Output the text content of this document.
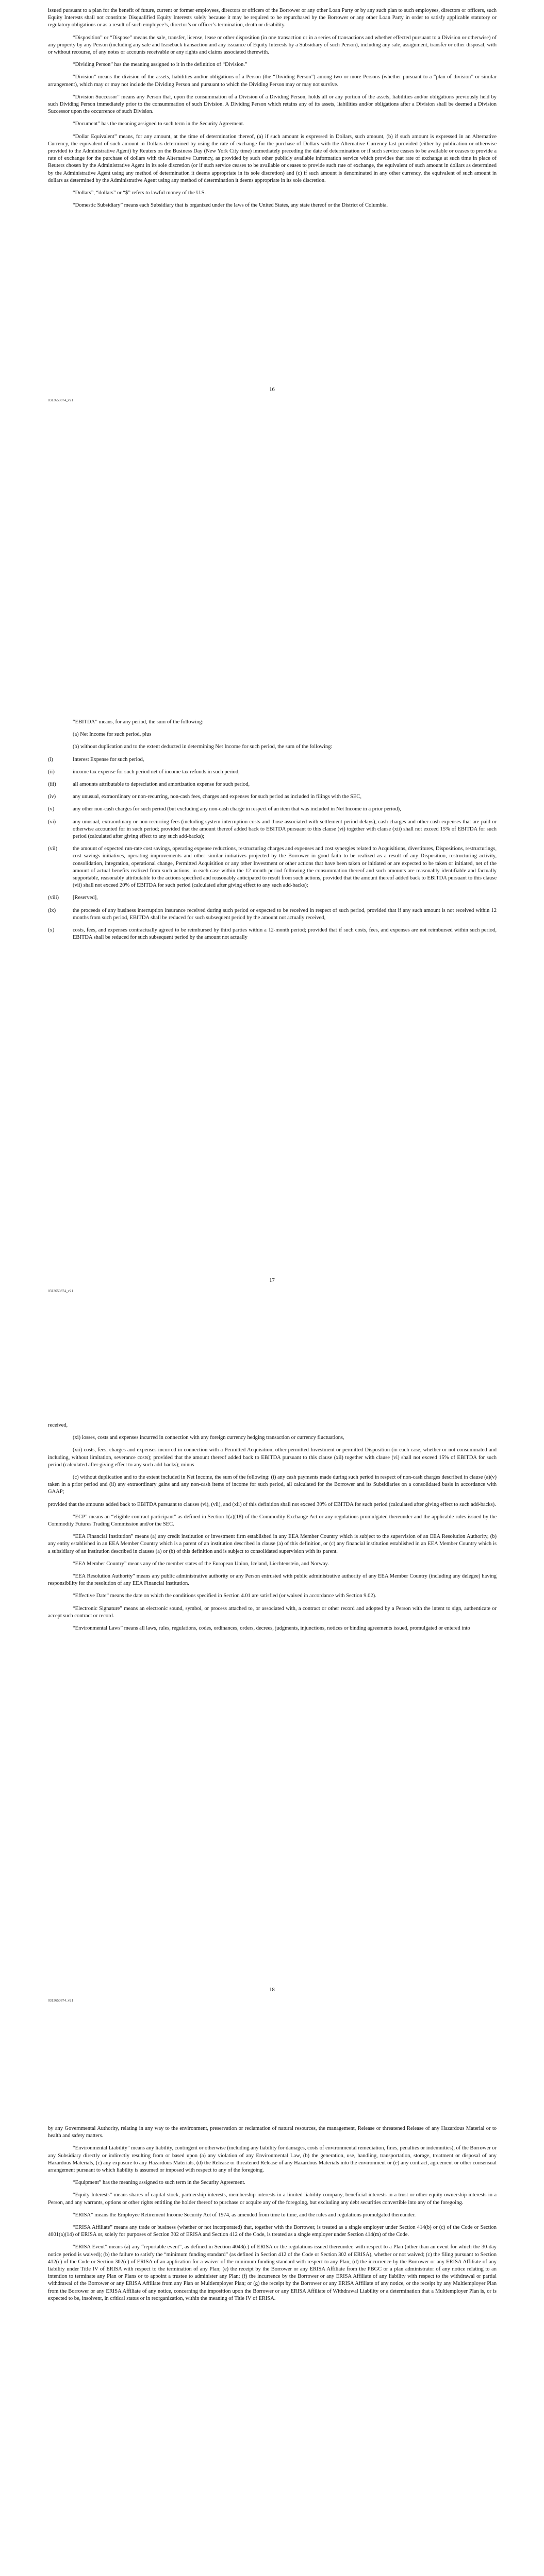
issued pursuant to a plan for the benefit of future, current or former employees, directors or officers of the Borrower or any other Loan Party or by any such plan to such employees, directors or officers, such Equity Interests shall not constitute Disqualified Equity Interests solely because it may be required to be repurchased by the Borrower or any other Loan Party in order to satisfy applicable statutory or regulatory obligations or as a result of such employee’s, director’s or officer’s termination, death or disability.

“Disposition” or “Dispose” means the sale, transfer, license, lease or other disposition (in one transaction or in a series of transactions and whether effected pursuant to a Division or otherwise) of any property by any Person (including any sale and leaseback transaction and any issuance of Equity Interests by a Subsidiary of such Person), including any sale, assignment, transfer or other disposal, with or without recourse, of any notes or accounts receivable or any rights and claims associated therewith.

“Dividing Person” has the meaning assigned to it in the definition of “Division.”

“Division” means the division of the assets, liabilities and/or obligations of a Person (the “Dividing Person”) among two or more Persons (whether pursuant to a “plan of division” or similar arrangement), which may or may not include the Dividing Person and pursuant to which the Dividing Person may or may not survive.

“Division Successor” means any Person that, upon the consummation of a Division of a Dividing Person, holds all or any portion of the assets, liabilities and/or obligations previously held by such Dividing Person immediately prior to the consummation of such Division. A Dividing Person which retains any of its assets, liabilities and/or obligations after a Division shall be deemed a Division Successor upon the occurrence of such Division.

“Document” has the meaning assigned to such term in the Security Agreement.

“Dollar Equivalent” means, for any amount, at the time of determination thereof, (a) if such amount is expressed in Dollars, such amount, (b) if such amount is expressed in an Alternative Currency, the equivalent of such amount in Dollars determined by using the rate of exchange for the purchase of Dollars with the Alternative Currency last provided (either by publication or otherwise provided to the Administrative Agent) by Reuters on the Business Day (New York City time) immediately preceding the date of determination or if such service ceases to be available or ceases to provide a rate of exchange for the purchase of dollars with the Alternative Currency, as provided by such other publicly available information service which provides that rate of exchange at such time in place of Reuters chosen by the Administrative Agent in its sole discretion (or if such service ceases to be available or ceases to provide such rate of exchange, the equivalent of such amount in dollars as determined by the Administrative Agent using any method of determination it deems appropriate in its sole discretion) and (c) if such amount is denominated in any other currency, the equivalent of such amount in dollars as determined by the Administrative Agent using any method of determination it deems appropriate in its sole discretion.

“Dollars”, “dollars” or “$” refers to lawful money of the U.S.

“Domestic Subsidiary” means each Subsidiary that is organized under the laws of the United States, any state thereof or the District of Columbia.

16
0313650874_v21

“EBITDA” means, for any period, the sum of the following:

(a) Net Income for such period, plus

(b) without duplication and to the extent deducted in determining Net Income for such period, the sum of the following:

(i)	Interest Expense for such period,

(ii)	income tax expense for such period net of income tax refunds in such period,

(iii)	all amounts attributable to depreciation and amortization expense for such period,

(iv)	any unusual, extraordinary or non-recurring, non-cash fees, charges and expenses for such period as included in filings with the SEC,

(v)	any other non-cash charges for such period (but excluding any non-cash charge in respect of an item that was included in Net Income in a prior period),

(vi)	any unusual, extraordinary or non-recurring fees (including system interruption costs and those associated with settlement period delays), cash charges and other cash expenses that are paid or otherwise accounted for in such period; provided that the amount thereof added back to EBITDA pursuant to this clause (vi) together with clause (xii) shall not exceed 15% of EBITDA for such period (calculated after giving effect to any such add-backs);

(vii)	the amount of expected run-rate cost savings, operating expense reductions, restructuring charges and expenses and cost synergies related to Acquisitions, divestitures, Dispositions, restructurings, cost savings initiatives, operating improvements and other similar initiatives projected by the Borrower in good faith to be realized as a result of any Disposition, restructuring activity, consolidation, integration, operational change, Permitted Acquisition or any other Investment or other actions that have been taken or initiated or are expected to be taken or initiated, net of the amount of actual benefits realized from such actions, in each case within the 12 month period following the consummation thereof and such amounts are reasonably identifiable and factually supportable, reasonably attributable to the actions specified and reasonably anticipated to result from such actions, provided that the amount thereof added back to EBITDA pursuant to this clause (vii) shall not exceed 20% of EBITDA for such period (calculated after giving effect to any such add-backs);

(viii)	[Reserved],

(ix)	the proceeds of any business interruption insurance received during such period or expected to be received in respect of such period, provided that if any such amount is not received within 12 months from such period, EBITDA shall be reduced for such subsequent period by the amount not actually received,

(x)	costs, fees, and expenses contractually agreed to be reimbursed by third parties within a 12-month period; provided that if such costs, fees, and expenses are not reimbursed within such period, EBITDA shall be reduced for such subsequent period by the amount not actually

17
0313650874_v21

received,

(xi) losses, costs and expenses incurred in connection with any foreign currency hedging transaction or currency fluctuations,

(xii) costs, fees, charges and expenses incurred in connection with a Permitted Acquisition, other permitted Investment or permitted Disposition (in each case, whether or not consummated and including, without limitation, severance costs); provided that the amount thereof added back to EBITDA pursuant to this clause (xii) together with clause (vi) shall not exceed 15% of EBITDA for such period (calculated after giving effect to any such add-backs); minus

(c) without duplication and to the extent included in Net Income, the sum of the following: (i) any cash payments made during such period in respect of non-cash charges described in clause (a)(v) taken in a prior period and (ii) any extraordinary gains and any non-cash items of income for such period, all calculated for the Borrower and its Subsidiaries on a consolidated basis in accordance with GAAP;

provided that the amounts added back to EBITDA pursuant to clauses (vi), (vii), and (xii) of this definition shall not exceed 30% of EBITDA for such period (calculated after giving effect to such add-backs).

“ECP” means an “eligible contract participant” as defined in Section 1(a)(18) of the Commodity Exchange Act or any regulations promulgated thereunder and the applicable rules issued by the Commodity Futures Trading Commission and/or the SEC.

“EEA Financial Institution” means (a) any credit institution or investment firm established in any EEA Member Country which is subject to the supervision of an EEA Resolution Authority, (b) any entity established in an EEA Member Country which is a parent of an institution described in clause (a) of this definition, or (c) any financial institution established in an EEA Member Country which is a subsidiary of an institution described in clauses (a) or (b) of this definition and is subject to consolidated supervision with its parent.

“EEA Member Country” means any of the member states of the European Union, Iceland, Liechtenstein, and Norway.

“EEA Resolution Authority” means any public administrative authority or any Person entrusted with public administrative authority of any EEA Member Country (including any delegee) having responsibility for the resolution of any EEA Financial Institution.

“Effective Date” means the date on which the conditions specified in Section 4.01 are satisfied (or waived in accordance with Section 9.02).

“Electronic Signature” means an electronic sound, symbol, or process attached to, or associated with, a contract or other record and adopted by a Person with the intent to sign, authenticate or accept such contract or record.

“Environmental Laws” means all laws, rules, regulations, codes, ordinances, orders, decrees, judgments, injunctions, notices or binding agreements issued, promulgated or entered into

18
0313650874_v21

by any Governmental Authority, relating in any way to the environment, preservation or reclamation of natural resources, the management, Release or threatened Release of any Hazardous Material or to health and safety matters.

“Environmental Liability” means any liability, contingent or otherwise (including any liability for damages, costs of environmental remediation, fines, penalties or indemnities), of the Borrower or any Subsidiary directly or indirectly resulting from or based upon (a) any violation of any Environmental Law, (b) the generation, use, handling, transportation, storage, treatment or disposal of any Hazardous Materials, (c) any exposure to any Hazardous Materials, (d) the Release or threatened Release of any Hazardous Materials into the environment or (e) any contract, agreement or other consensual arrangement pursuant to which liability is assumed or imposed with respect to any of the foregoing.

“Equipment” has the meaning assigned to such term in the Security Agreement.

“Equity Interests” means shares of capital stock, partnership interests, membership interests in a limited liability company, beneficial interests in a trust or other equity ownership interests in a Person, and any warrants, options or other rights entitling the holder thereof to purchase or acquire any of the foregoing, but excluding any debt securities convertible into any of the foregoing.

“ERISA” means the Employee Retirement Income Security Act of 1974, as amended from time to time, and the rules and regulations promulgated thereunder.

“ERISA Affiliate” means any trade or business (whether or not incorporated) that, together with the Borrower, is treated as a single employer under Section 414(b) or (c) of the Code or Section 4001(a)(14) of ERISA or, solely for purposes of Section 302 of ERISA and Section 412 of the Code, is treated as a single employer under Section 414(m) of the Code.

“ERISA Event” means (a) any “reportable event”, as defined in Section 4043(c) of ERISA or the regulations issued thereunder, with respect to a Plan (other than an event for which the 30-day notice period is waived); (b) the failure to satisfy the “minimum funding standard” (as defined in Section 412 of the Code or Section 302 of ERISA), whether or not waived; (c) the filing pursuant to Section 412(c) of the Code or Section 302(c) of ERISA of an application for a waiver of the minimum funding standard with respect to any Plan; (d) the incurrence by the Borrower or any ERISA Affiliate of any liability under Title IV of ERISA with respect to the termination of any Plan; (e) the receipt by the Borrower or any ERISA Affiliate from the PBGC or a plan administrator of any notice relating to an intention to terminate any Plan or Plans or to appoint a trustee to administer any Plan; (f) the incurrence by the Borrower or any ERISA Affiliate of any liability with respect to the withdrawal or partial withdrawal of the Borrower or any ERISA Affiliate from any Plan or Multiemployer Plan; or (g) the receipt by the Borrower or any ERISA Affiliate of any notice, or the receipt by any Multiemployer Plan from the Borrower or any ERISA Affiliate of any notice, concerning the imposition upon the Borrower or any ERISA Affiliate of Withdrawal Liability or a determination that a Multiemployer Plan is, or is expected to be, insolvent, in critical status or in reorganization, within the meaning of Title IV of ERISA.
